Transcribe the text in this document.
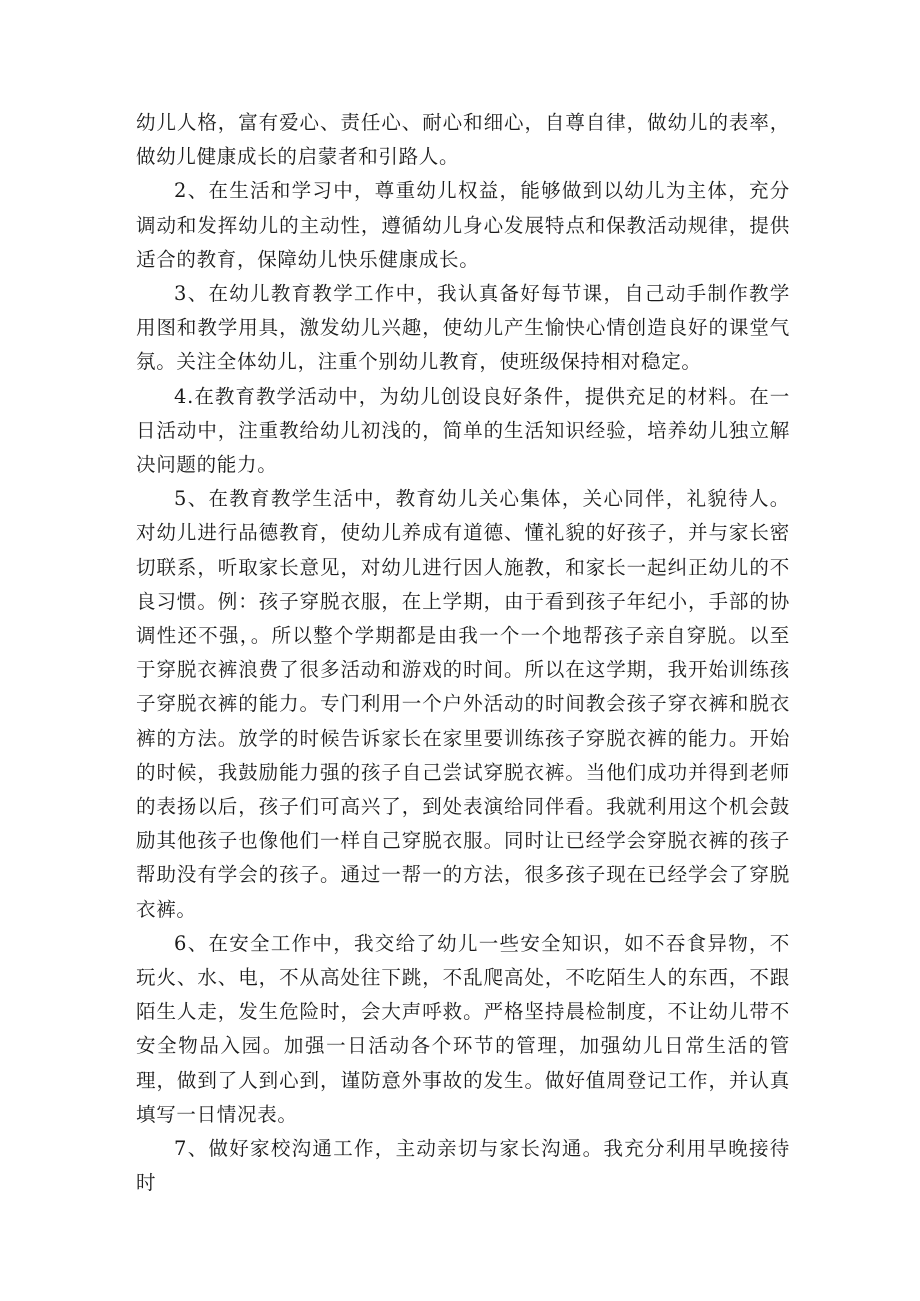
幼儿人格，富有爱心、责任心、耐心和细心，自尊自律，做幼儿的表率，做幼儿健康成长的启蒙者和引路人。

2、在生活和学习中，尊重幼儿权益，能够做到以幼儿为主体，充分调动和发挥幼儿的主动性，遵循幼儿身心发展特点和保教活动规律，提供适合的教育，保障幼儿快乐健康成长。

3、在幼儿教育教学工作中，我认真备好每节课，自己动手制作教学用图和教学用具，激发幼儿兴趣，使幼儿产生愉快心情创造良好的课堂气氛。关注全体幼儿，注重个别幼儿教育，使班级保持相对稳定。

4.在教育教学活动中，为幼儿创设良好条件，提供充足的材料。在一日活动中，注重教给幼儿初浅的，简单的生活知识经验，培养幼儿独立解决问题的能力。

5、在教育教学生活中，教育幼儿关心集体，关心同伴，礼貌待人。对幼儿进行品德教育，使幼儿养成有道德、懂礼貌的好孩子，并与家长密切联系，听取家长意见，对幼儿进行因人施教，和家长一起纠正幼儿的不良习惯。例：孩子穿脱衣服，在上学期，由于看到孩子年纪小，手部的协调性还不强，。所以整个学期都是由我一个一个地帮孩子亲自穿脱。以至于穿脱衣裤浪费了很多活动和游戏的时间。所以在这学期，我开始训练孩子穿脱衣裤的能力。专门利用一个户外活动的时间教会孩子穿衣裤和脱衣裤的方法。放学的时候告诉家长在家里要训练孩子穿脱衣裤的能力。开始的时候，我鼓励能力强的孩子自己尝试穿脱衣裤。当他们成功并得到老师的表扬以后，孩子们可高兴了，到处表演给同伴看。我就利用这个机会鼓励其他孩子也像他们一样自己穿脱衣服。同时让已经学会穿脱衣裤的孩子帮助没有学会的孩子。通过一帮一的方法，很多孩子现在已经学会了穿脱衣裤。

6、在安全工作中，我交给了幼儿一些安全知识，如不吞食异物，不玩火、水、电，不从高处往下跳，不乱爬高处，不吃陌生人的东西，不跟陌生人走，发生危险时，会大声呼救。严格坚持晨检制度，不让幼儿带不安全物品入园。加强一日活动各个环节的管理，加强幼儿日常生活的管理，做到了人到心到，谨防意外事故的发生。做好值周登记工作，并认真填写一日情况表。

7、做好家校沟通工作，主动亲切与家长沟通。我充分利用早晚接待时
